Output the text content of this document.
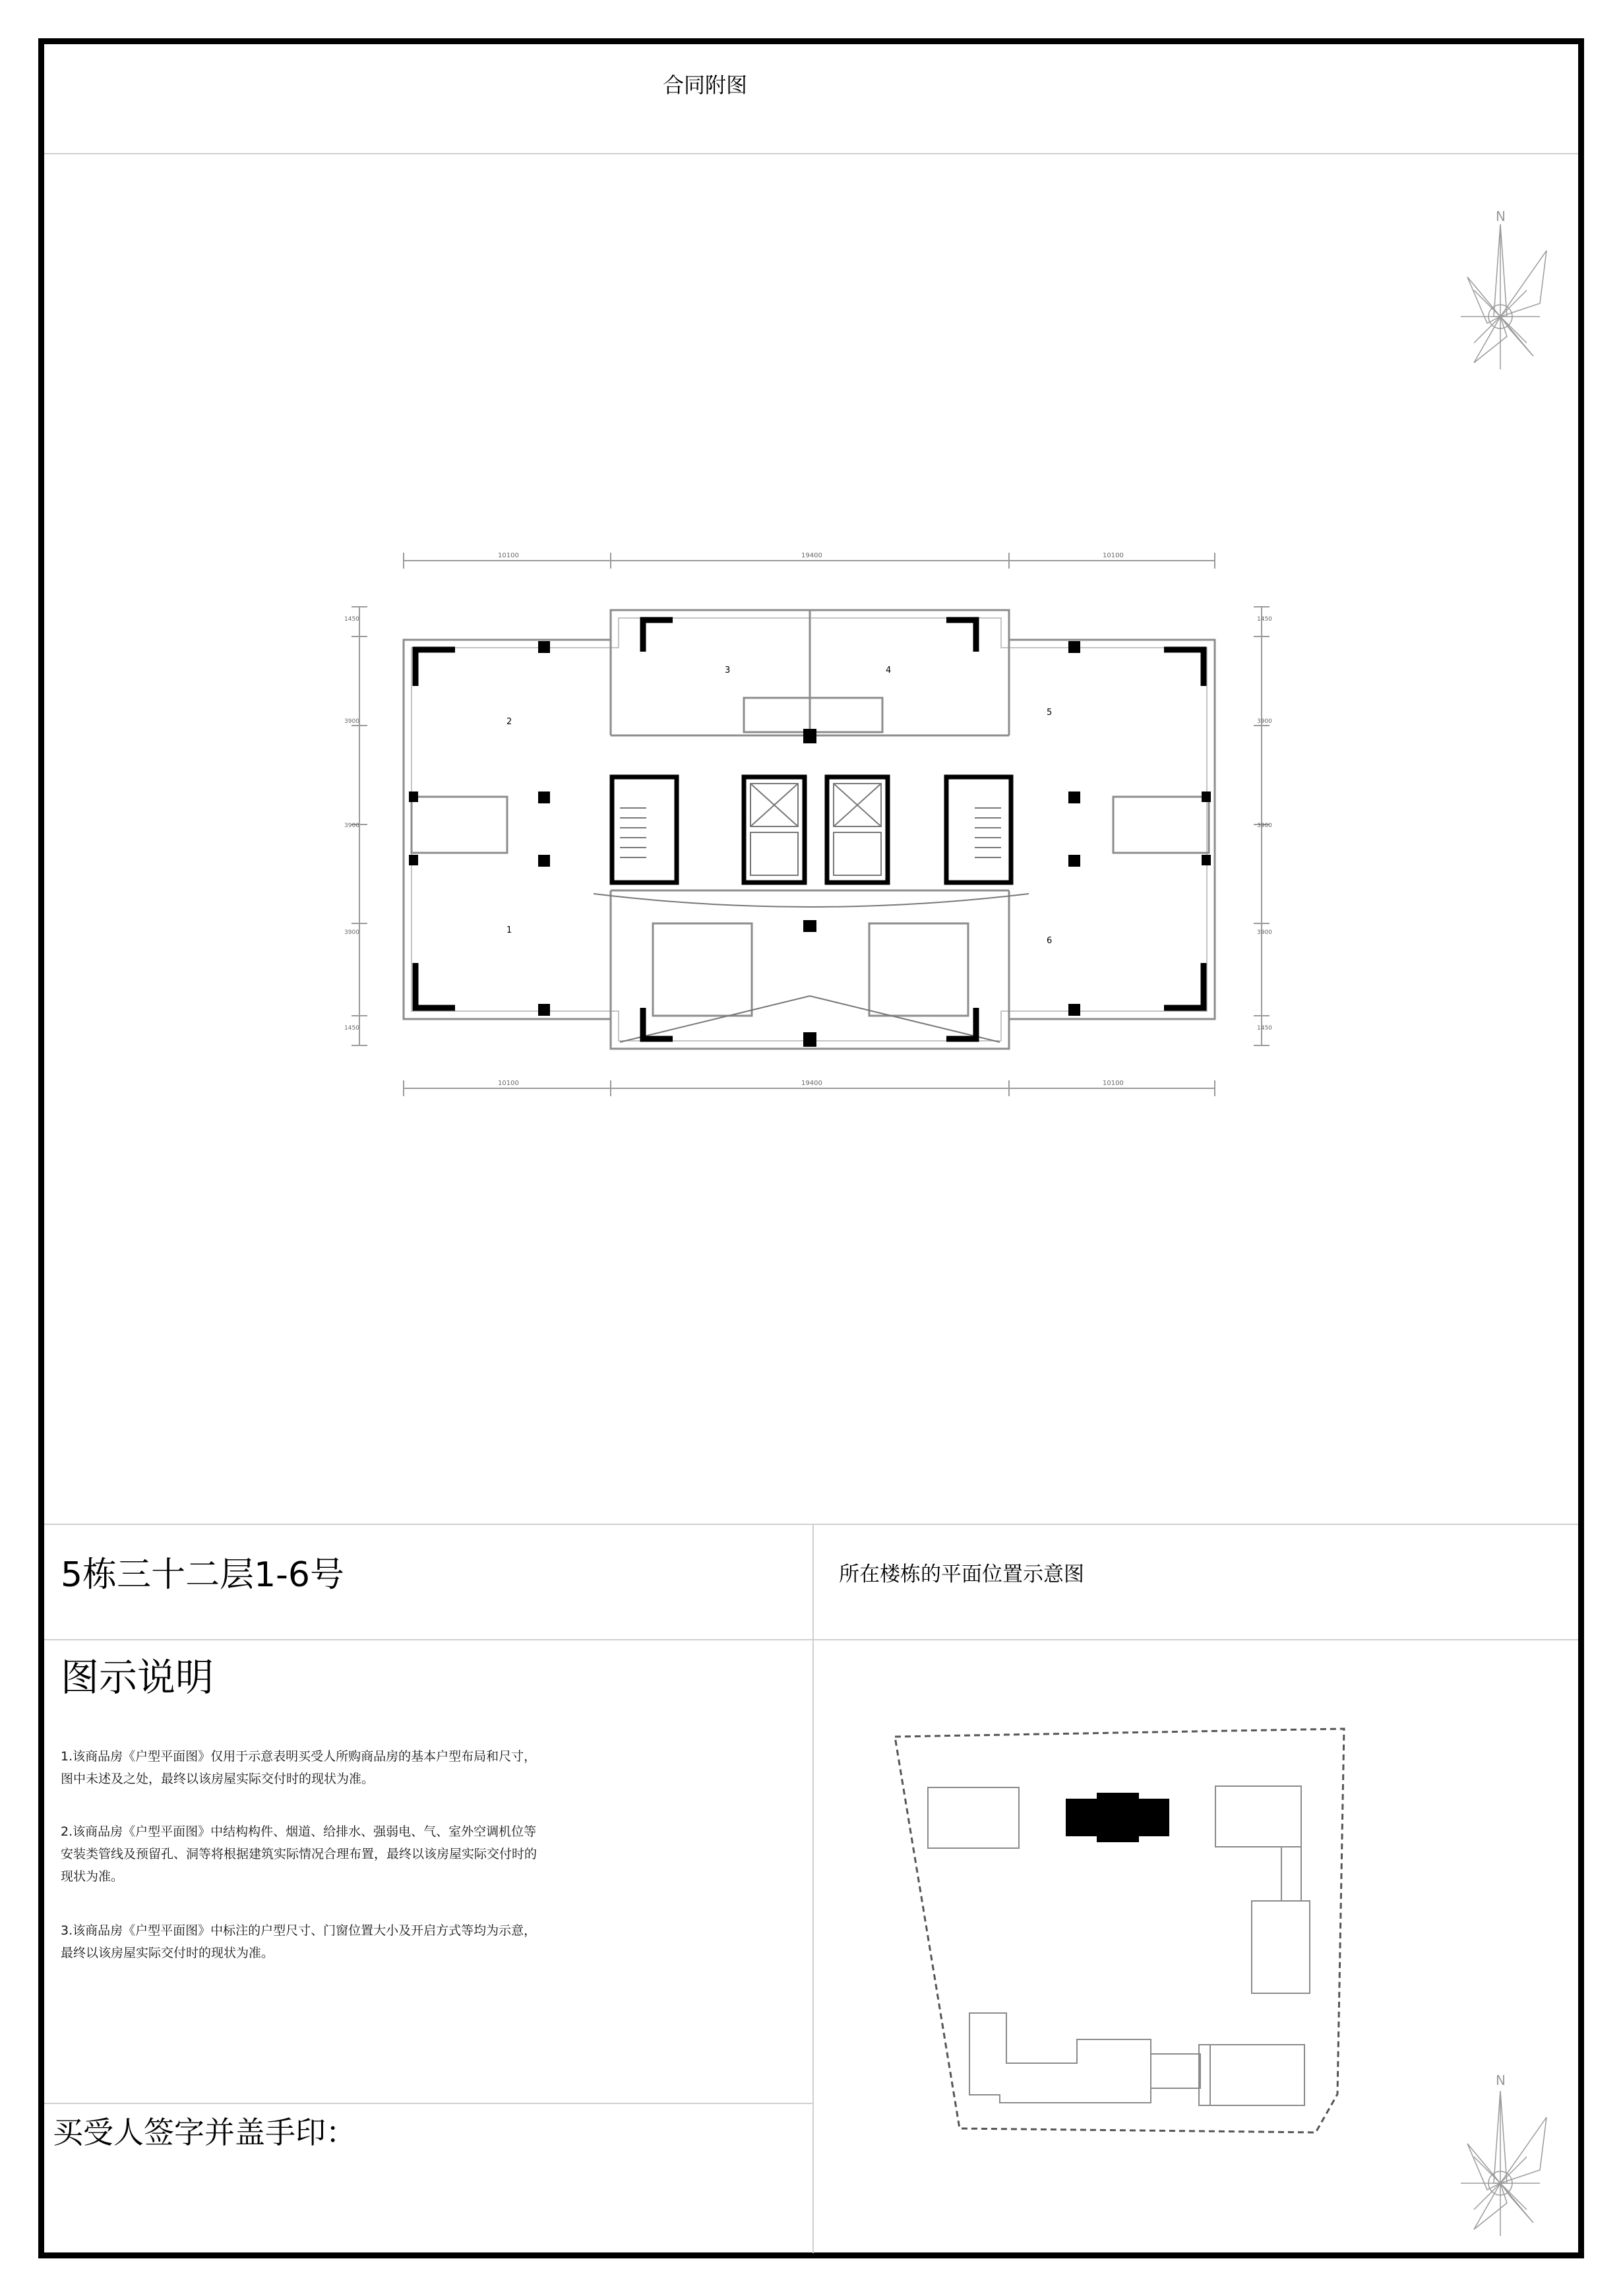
合同附图
10100	19400	10100
10100	19400	10100
1450
3900
3900
3900
1450
1450
3900
3900
3900
1450
1
2
3	4
5
6
N
N
5栋三十二层1-6号	所在楼栋的平面位置示意图
图示说明
1.该商品房《户型平面图》仅用于示意表明买受人所购商品房的基本户型布局和尺寸，图中未述及之处，最终以该房屋实际交付时的现状为准。
2.该商品房《户型平面图》中结构构件、烟道、给排水、强弱电、气、室外空调机位等安装类管线及预留孔、洞等将根据建筑实际情况合理布置，最终以该房屋实际交付时的现状为准。
3.该商品房《户型平面图》中标注的户型尺寸、门窗位置大小及开启方式等均为示意，最终以该房屋实际交付时的现状为准。
买受人签字并盖手印：
